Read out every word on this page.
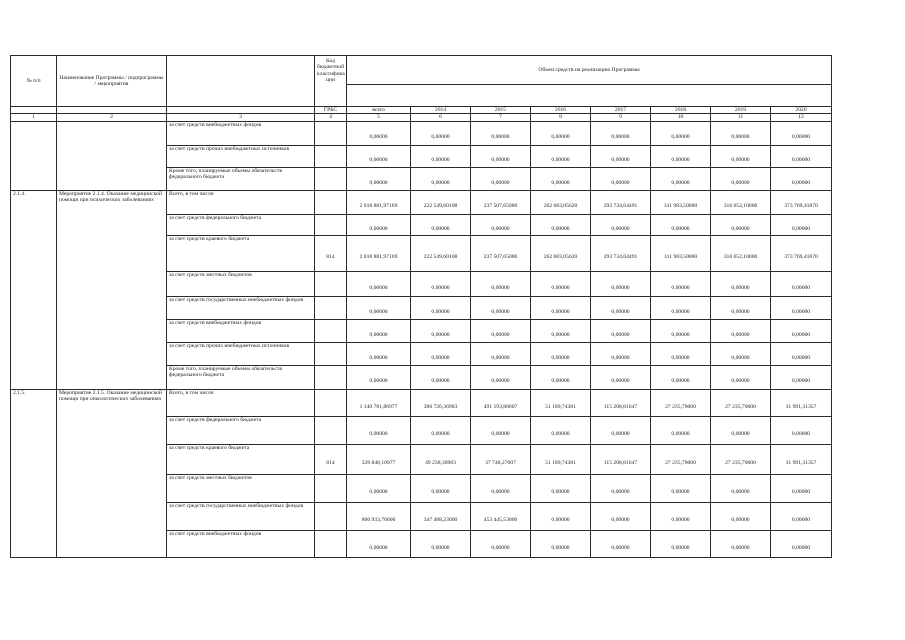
№ п/п	Наименование Программы / подпрограммы / мероприятия		Код бюджетной классифика ции	Объем средств на реализацию Программы							

			ГРБС	всего	2014	2015	2016	2017	2018	2019	2020
1	2	3	4	5	6	7	8	9	10	11	12
		за счет средств внебюджетных фондов		0,00000	0,00000	0,00000	0,00000	0,00000	0,00000	0,00000	0,00000
		за счет средств прочих внебюджетных источников		0,00000	0,00000	0,00000	0,00000	0,00000	0,00000	0,00000	0,00000
		Кроме того, планируемые объемы обязательств федерального бюджета		0,00000	0,00000	0,00000	0,00000	0,00000	0,00000	0,00000	0,00000
2.1.4.	Мероприятие 2.1.4. Оказание медицинской помощи при психических заболеваниях	Всего, в том числе:		2 018 881,97169	222 549,60108	237 507,65080	262 683,05620	293 734,64491	311 983,50000	316 652,10000	373 769,41870
		за счет средств федерального бюджета		0,00000	0,00000	0,00000	0,00000	0,00000	0,00000	0,00000	0,00000
		за счет средств краевого бюджета	814	2 018 881,97169	222 549,60108	237 507,65080	262 683,05620	293 734,64491	311 983,50000	316 652,10000	373 769,41870
		за счет средств местных бюджетов		0,00000	0,00000	0,00000	0,00000	0,00000	0,00000	0,00000	0,00000
		за счет средств государственных внебюджетных фондов		0,00000	0,00000	0,00000	0,00000	0,00000	0,00000	0,00000	0,00000
		за счет средств внебюджетных фондов		0,00000	0,00000	0,00000	0,00000	0,00000	0,00000	0,00000	0,00000
		за счет средств прочих внебюджетных источников		0,00000	0,00000	0,00000	0,00000	0,00000	0,00000	0,00000	0,00000
		Кроме того, планируемые объемы обязательств федерального бюджета		0,00000	0,00000	0,00000	0,00000	0,00000	0,00000	0,00000	0,00000
2.1.5.	Мероприятие 2.1.5. Оказание медицинской помощи при онкологических заболеваниях	Всего, в том числе:		1 140 781,86977	396 726,36983	491 193,80607	51 189,74381	115 208,81647	27 235,70000	27 235,70000	31 991,31357
		за счет средств федерального бюджета		0,00000	0,00000	0,00000	0,00000	0,00000	0,00000	0,00000	0,00000
		за счет средств краевого бюджета	814	339 848,10977	49 238,36983	37 748,27607	51 189,74381	115 208,81647	27 235,70000	27 235,70000	31 991,31357
		за счет средств местных бюджетов		0,00000	0,00000	0,00000	0,00000	0,00000	0,00000	0,00000	0,00000
		за счет средств государственных внебюджетных фондов		800 933,76000	347 488,23000	453 445,53000	0,00000	0,00000	0,00000	0,00000	0,00000
		за счет средств внебюджетных фондов		0,00000	0,00000	0,00000	0,00000	0,00000	0,00000	0,00000	0,00000
